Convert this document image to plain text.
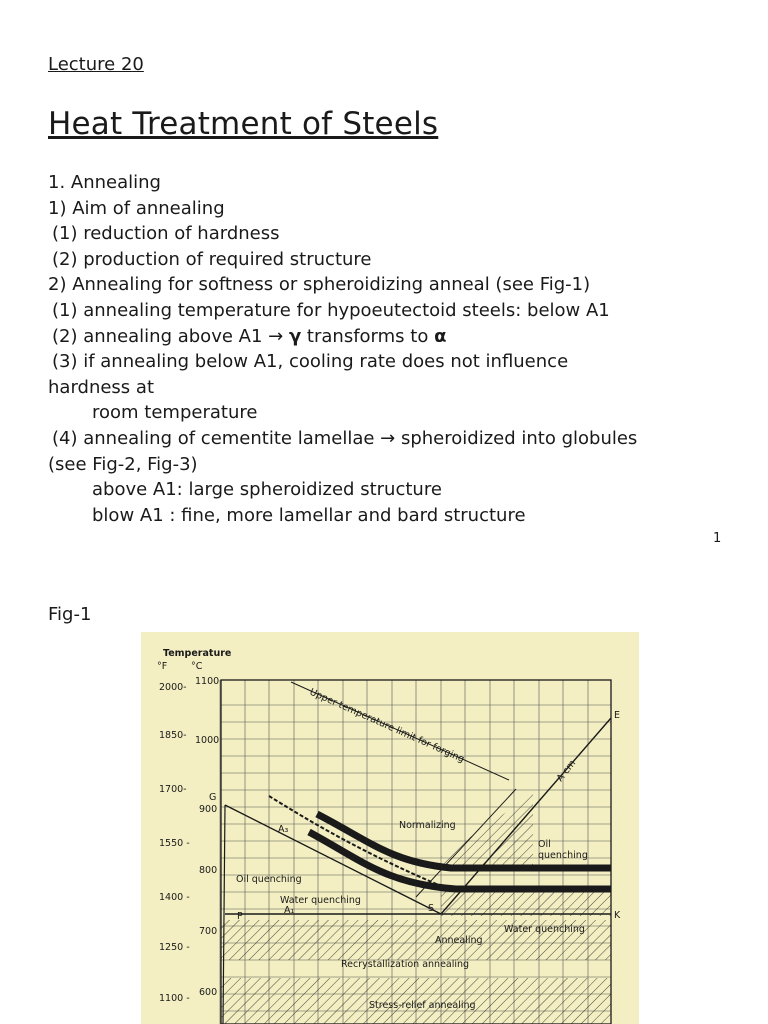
Lecture 20
Heat Treatment of Steels
1. Annealing
1) Aim of annealing
(1) reduction of hardness
(2) production of required structure
2) Annealing for softness or spheroidizing anneal (see Fig-1)
(1) annealing temperature for hypoeutectoid steels: below A1
(2) annealing above A1 → γ transforms to α
(3) if annealing below A1, cooling rate does not influence
hardness at
room temperature
(4) annealing of cementite lamellae → spheroidized into globules
(see Fig-2, Fig-3)
above A1: large spheroidized structure
blow A1 : fine, more lamellar and bard structure
1
Fig-1
Temperature
°F	°C
2000-
1850-
1700-
1550 -
1400 -
1250 -
1100 -
1100
1000
900
800
700
600
G
E
P
S
K
A₃
A₁
A cm
Upper temperature limit for forging
Normalizing
Oil
quenching
Oil quenching
Water quenching
Annealing
Water quenching
Recrystallization annealing
Stress-relief annealing
